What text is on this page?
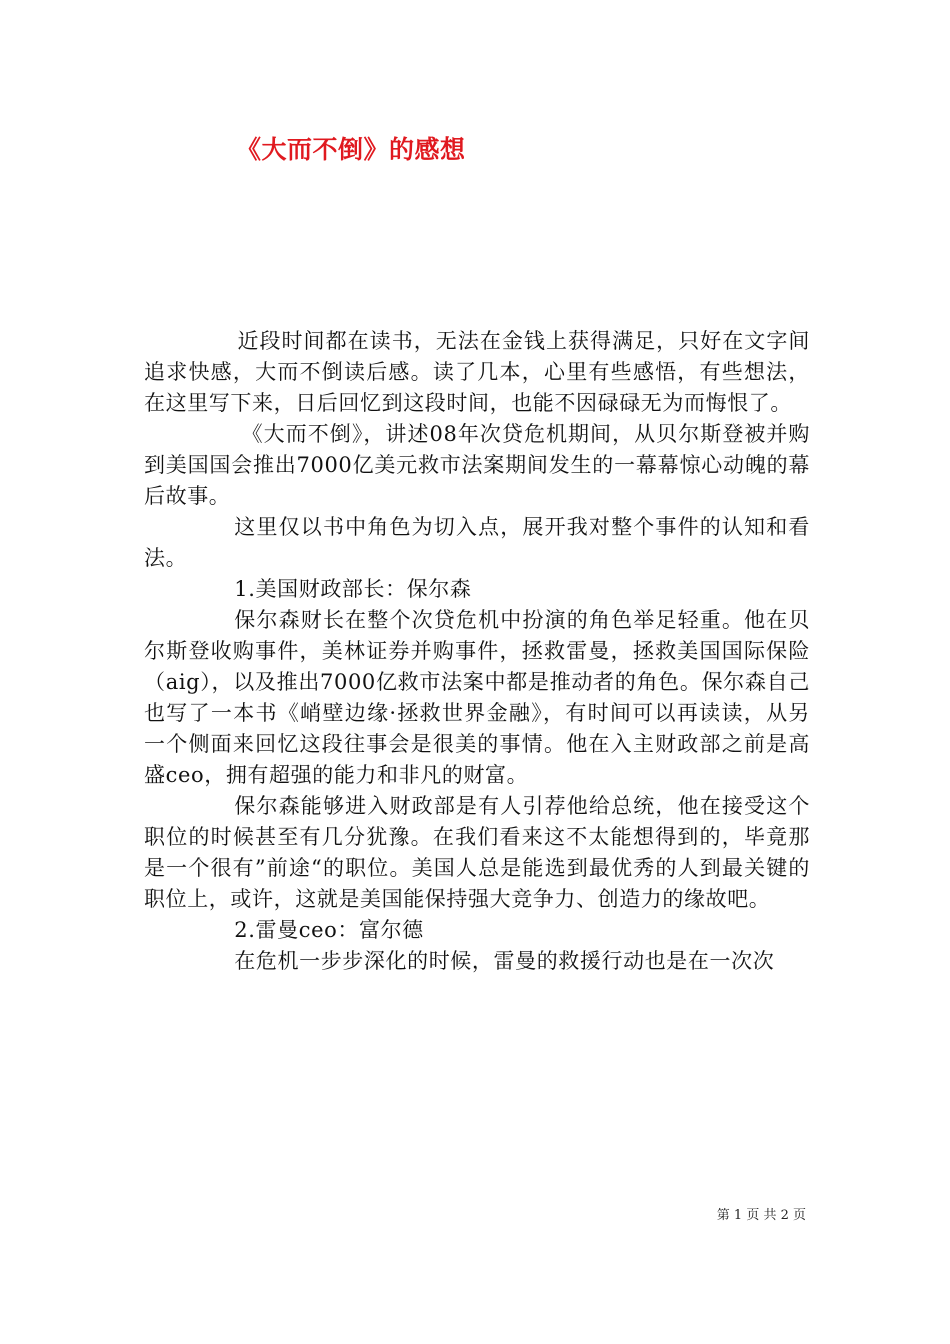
《大而不倒》的感想

近段时间都在读书，无法在金钱上获得满足，只好在文字间追求快感，大而不倒读后感。读了几本，心里有些感悟，有些想法，在这里写下来，日后回忆到这段时间，也能不因碌碌无为而悔恨了。

《大而不倒》，讲述08年次贷危机期间，从贝尔斯登被并购到美国国会推出7000亿美元救市法案期间发生的一幕幕惊心动魄的幕后故事。

这里仅以书中角色为切入点，展开我对整个事件的认知和看法。

1.美国财政部长：保尔森

保尔森财长在整个次贷危机中扮演的角色举足轻重。他在贝尔斯登收购事件，美林证券并购事件，拯救雷曼，拯救美国国际保险（aig），以及推出7000亿救市法案中都是推动者的角色。保尔森自己也写了一本书《峭壁边缘·拯救世界金融》，有时间可以再读读，从另一个侧面来回忆这段往事会是很美的事情。他在入主财政部之前是高盛ceo，拥有超强的能力和非凡的财富。

保尔森能够进入财政部是有人引荐他给总统，他在接受这个职位的时候甚至有几分犹豫。在我们看来这不太能想得到的，毕竟那是一个很有”前途“的职位。美国人总是能选到最优秀的人到最关键的职位上，或许，这就是美国能保持强大竞争力、创造力的缘故吧。

2.雷曼ceo：富尔德

在危机一步步深化的时候，雷曼的救援行动也是在一次次

第 1 页 共 2 页
